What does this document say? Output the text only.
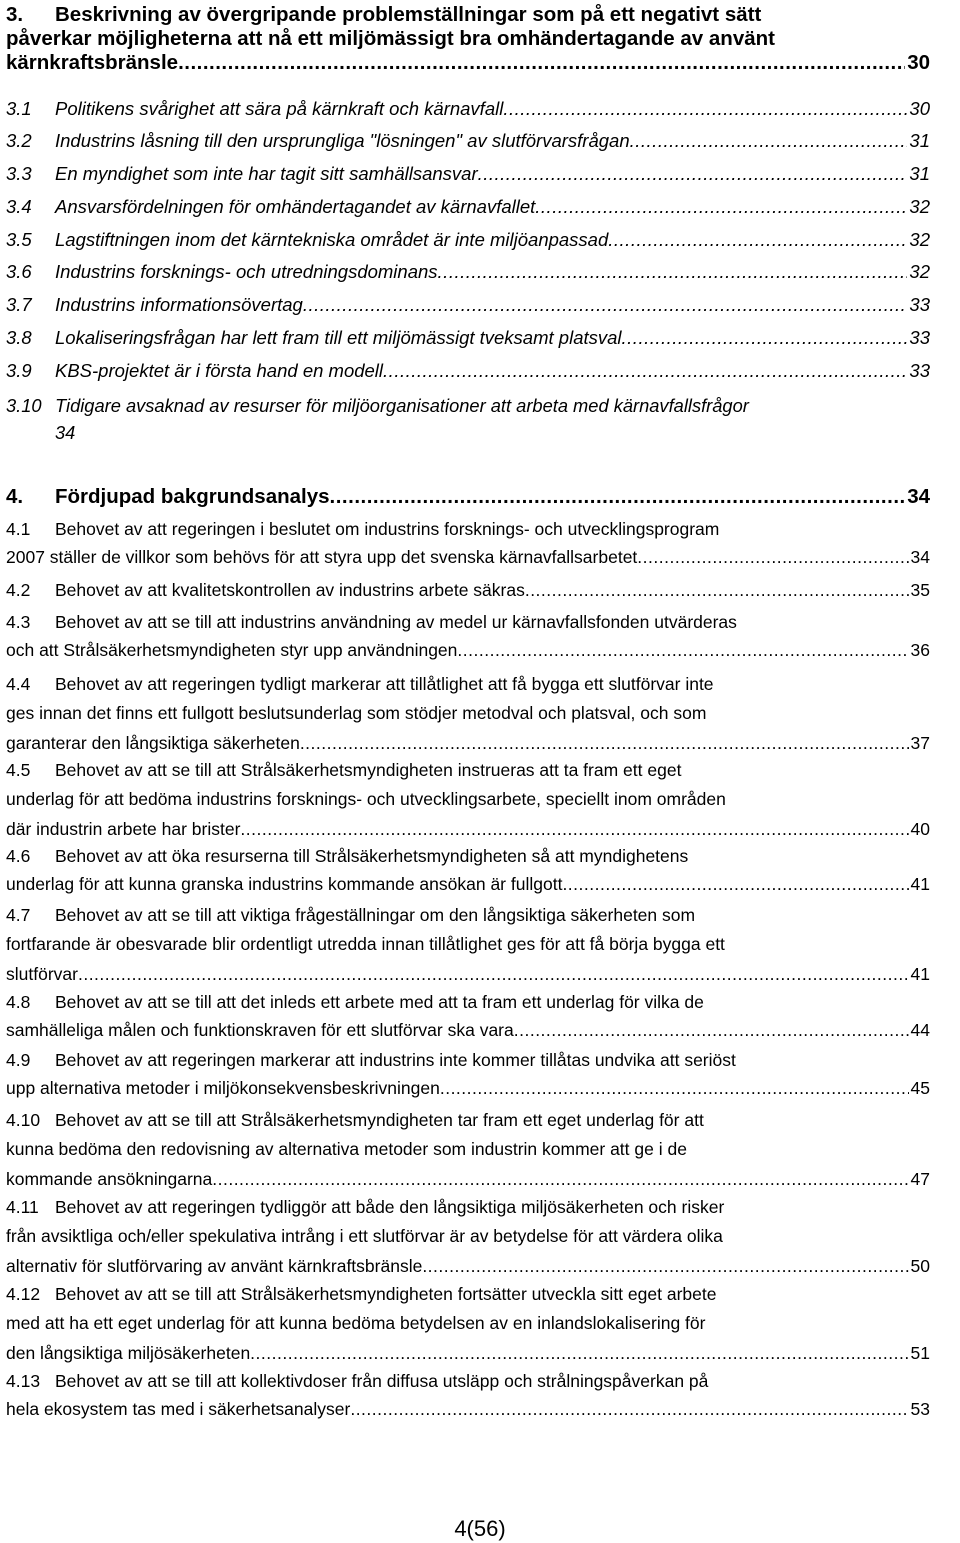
3.	Beskrivning av övergripande problemställningar som på ett negativt sätt
påverkar möjligheterna att nå ett miljömässigt bra omhändertagande av använt
kärnkraftsbränsle .....	30
3.1	Politikens svårighet att sära på kärnkraft och kärnavfall .....	30
3.2	Industrins låsning till den ursprungliga "lösningen" av slutförvarsfrågan .....	31
3.3	En myndighet som inte har tagit sitt samhällsansvar .....	31
3.4	Ansvarsfördelningen för omhändertagandet av kärnavfallet .....	32
3.5	Lagstiftningen inom det kärntekniska området är inte miljöanpassad .....	32
3.6	Industrins forsknings- och utredningsdominans .....	32
3.7	Industrins informationsövertag .....	33
3.8	Lokaliseringsfrågan har lett fram till ett miljömässigt tveksamt platsval .....	33
3.9	KBS-projektet är i första hand en modell .....	33
3.10 Tidigare avsaknad av resurser för miljöorganisationer att arbeta med kärnavfallsfrågor
34
4.	Fördjupad bakgrundsanalys .....	34
4.1	Behovet av att regeringen i beslutet om industrins forsknings- och utvecklingsprogram
2007 ställer de villkor som behövs för att styra upp det svenska kärnavfallsarbetet .....	34
4.2	Behovet av att kvalitetskontrollen av industrins arbete säkras .....	35
4.3	Behovet av att se till att industrins användning av medel ur kärnavfallsfonden utvärderas
och att Strålsäkerhetsmyndigheten styr upp användningen .....	36
4.4	Behovet av att regeringen tydligt markerar att tillåtlighet att få bygga ett slutförvar inte
ges innan det finns ett fullgott beslutsunderlag som stödjer metodval och platsval, och som
garanterar den långsiktiga säkerheten .....	37
4.5	Behovet av att se till att Strålsäkerhetsmyndigheten instrueras att ta fram ett eget
underlag för att bedöma industrins forsknings- och utvecklingsarbete, speciellt inom områden
där industrin arbete har brister .....	40
4.6	Behovet av att öka resurserna till Strålsäkerhetsmyndigheten så att myndighetens
underlag för att kunna granska industrins kommande ansökan är fullgott .....	41
4.7	Behovet av att se till att viktiga frågeställningar om den långsiktiga säkerheten som
fortfarande är obesvarade blir ordentligt utredda innan tillåtlighet ges för att få börja bygga ett
slutförvar .....	41
4.8	Behovet av att se till att det inleds ett arbete med att ta fram ett underlag för vilka de
samhälleliga målen och funktionskraven för ett slutförvar ska vara .....	44
4.9	Behovet av att regeringen markerar att industrins inte kommer tillåtas undvika att seriöst
upp alternativa metoder i miljökonsekvensbeskrivningen .....	45
4.10 Behovet av att se till att Strålsäkerhetsmyndigheten tar fram ett eget underlag för att
kunna bedöma den redovisning av alternativa metoder som industrin kommer att ge i de
kommande ansökningarna .....	47
4.11 Behovet av att regeringen tydliggör att både den långsiktiga miljösäkerheten och risker
från avsiktliga och/eller spekulativa intrång i ett slutförvar är av betydelse för att värdera olika
alternativ för slutförvaring av använt kärnkraftsbränsle .....	50
4.12 Behovet av att se till att Strålsäkerhetsmyndigheten fortsätter utveckla sitt eget arbete
med att ha ett eget underlag för att kunna bedöma betydelsen av en inlandslokalisering för
den långsiktiga miljösäkerheten .....	51
4.13 Behovet av att se till att kollektivdoser från diffusa utsläpp och strålningspåverkan på
hela ekosystem tas med i säkerhetsanalyser .....	53
4(56)
